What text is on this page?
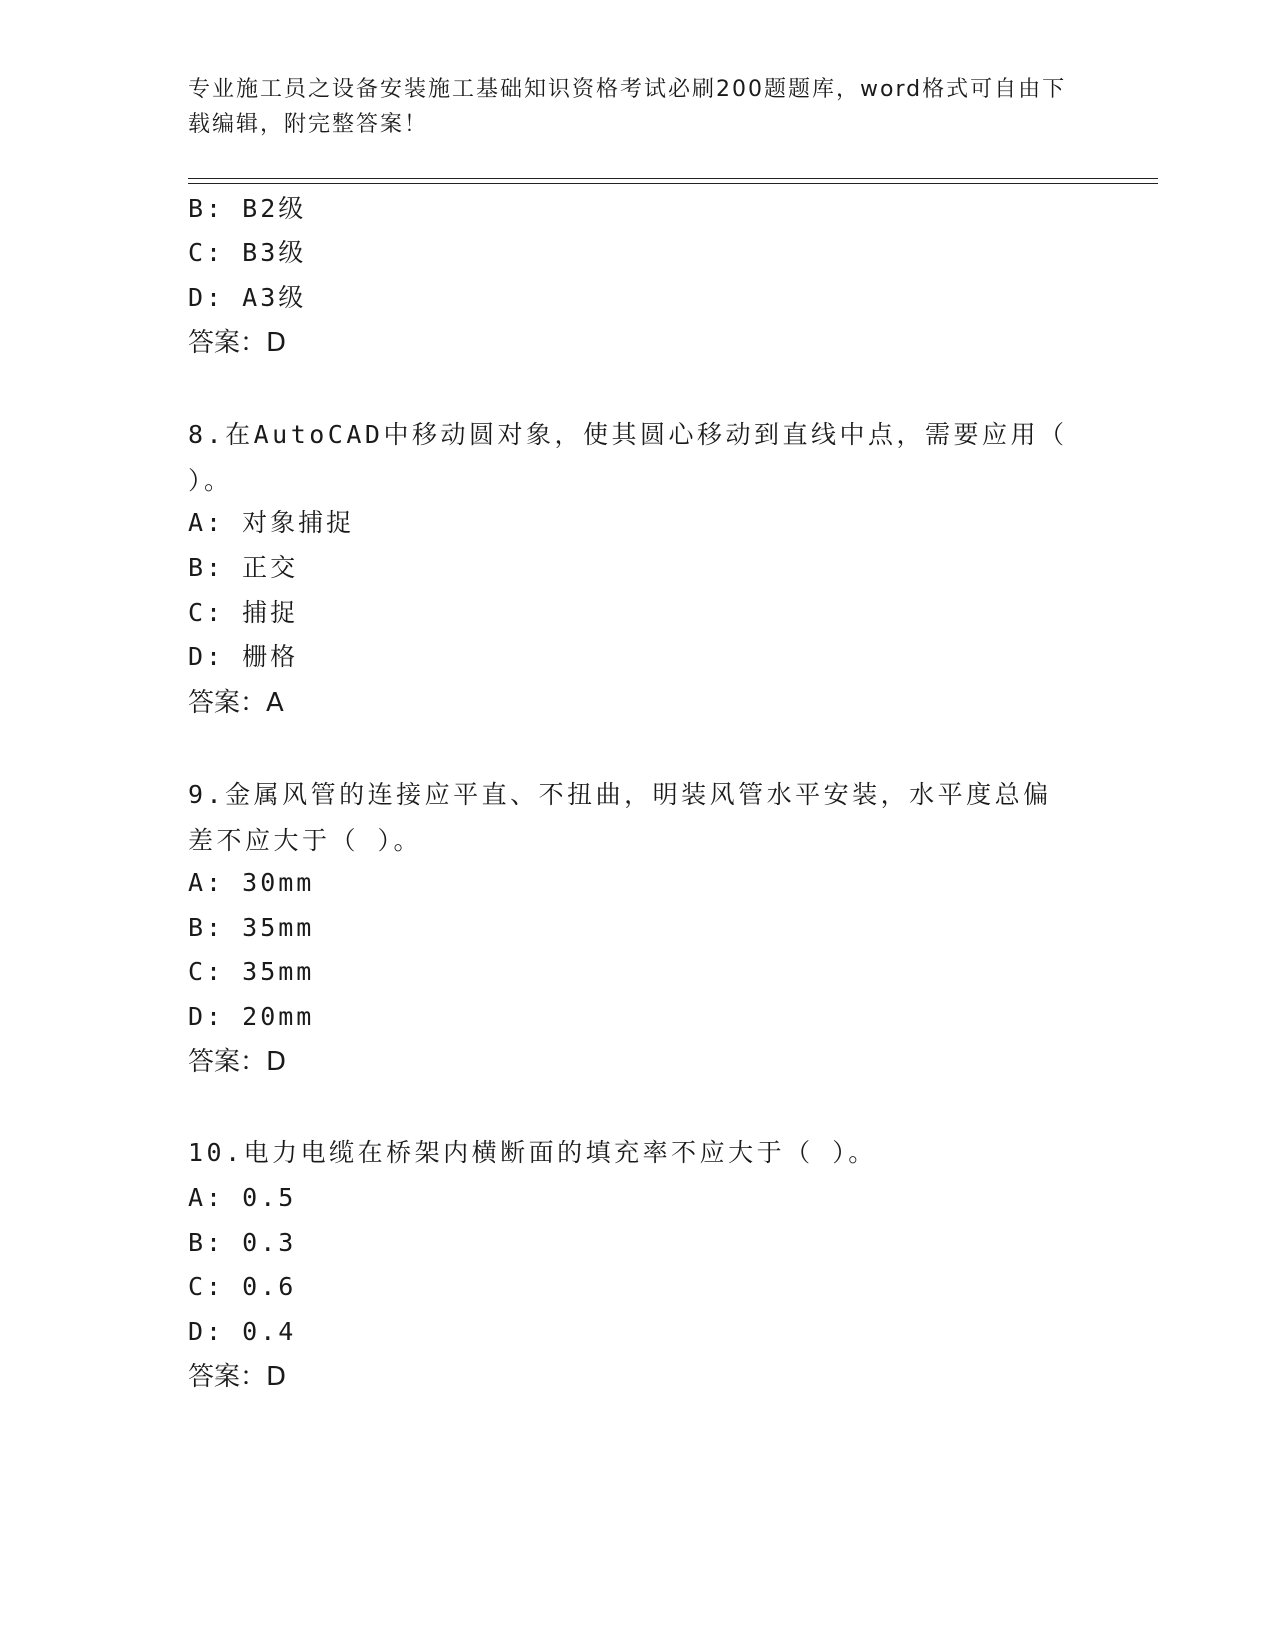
专业施工员之设备安装施工基础知识资格考试必刷200题题库，word格式可自由下载编辑，附完整答案！
B: B2级
C: B3级
D: A3级
答案：D
8.在AutoCAD中移动圆对象，使其圆心移动到直线中点，需要应用（ ）。
A: 对象捕捉
B: 正交
C: 捕捉
D: 栅格
答案：A
9.金属风管的连接应平直、不扭曲，明装风管水平安装，水平度总偏差不应大于（ ）。
A: 30mm
B: 35mm
C: 35mm
D: 20mm
答案：D
10.电力电缆在桥架内横断面的填充率不应大于（ ）。
A: 0.5
B: 0.3
C: 0.6
D: 0.4
答案：D
